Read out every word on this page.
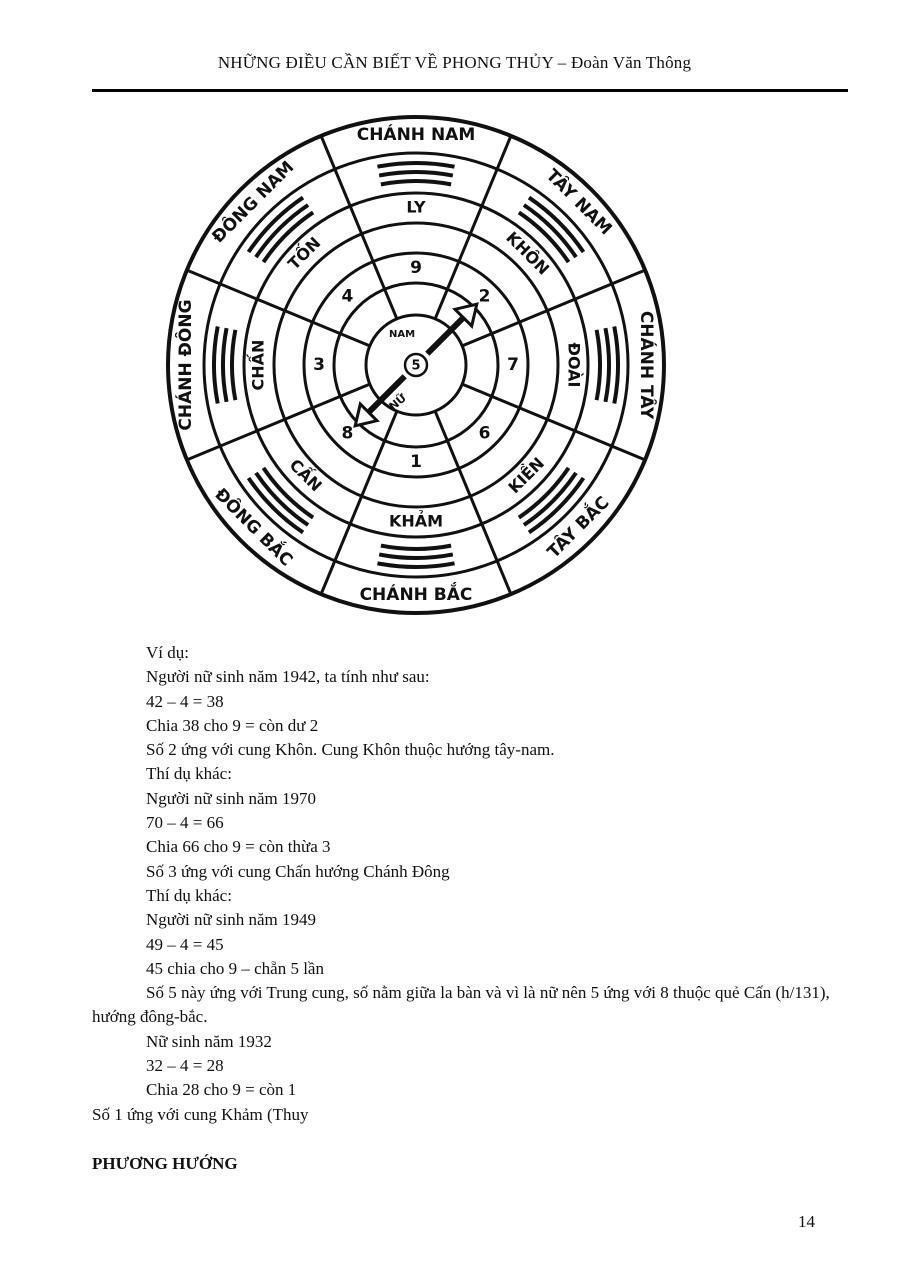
NHỮNG ĐIỀU CẦN BIẾT VỀ PHONG THỦY – Đoàn Văn Thông
CHÁNH NAM
TÂY NAM
CHÁNH TÂY
TÂY BẮC
CHÁNH BẮC
ĐÔNG BẮC
CHÁNH ĐÔNG
ĐÔNG NAM	LY
KHÔN
ĐOÀI
KIỀN
KHẢM
CẤN
CHẤN
TỐN	9
2
7
6
1
8
3
4
5
NAM
NỮ

Ví dụ:

Người nữ sinh năm 1942, ta tính như sau:

42 – 4 = 38

Chia 38 cho 9 = còn dư 2

Số 2 ứng với cung Khôn. Cung Khôn thuộc hướng tây-nam.

Thí dụ khác:

Người nữ sinh năm 1970

70 – 4 = 66

Chia 66 cho 9 = còn thừa 3

Số 3 ứng với cung Chấn hướng Chánh Đông

Thí dụ khác:

Người nữ sinh năm 1949

49 – 4 = 45

45 chia cho 9 – chẵn 5 lần

Số 5 này ứng với Trung cung, số nằm giữa la bàn và vì là nữ nên 5 ứng với 8 thuộc quẻ Cấn (h/131), hướng đông-bắc.

Nữ sinh năm 1932

32 – 4 = 28

Chia 28 cho 9 = còn 1

Số 1 ứng với cung Khảm (Thuy

PHƯƠNG HƯỚNG
14
